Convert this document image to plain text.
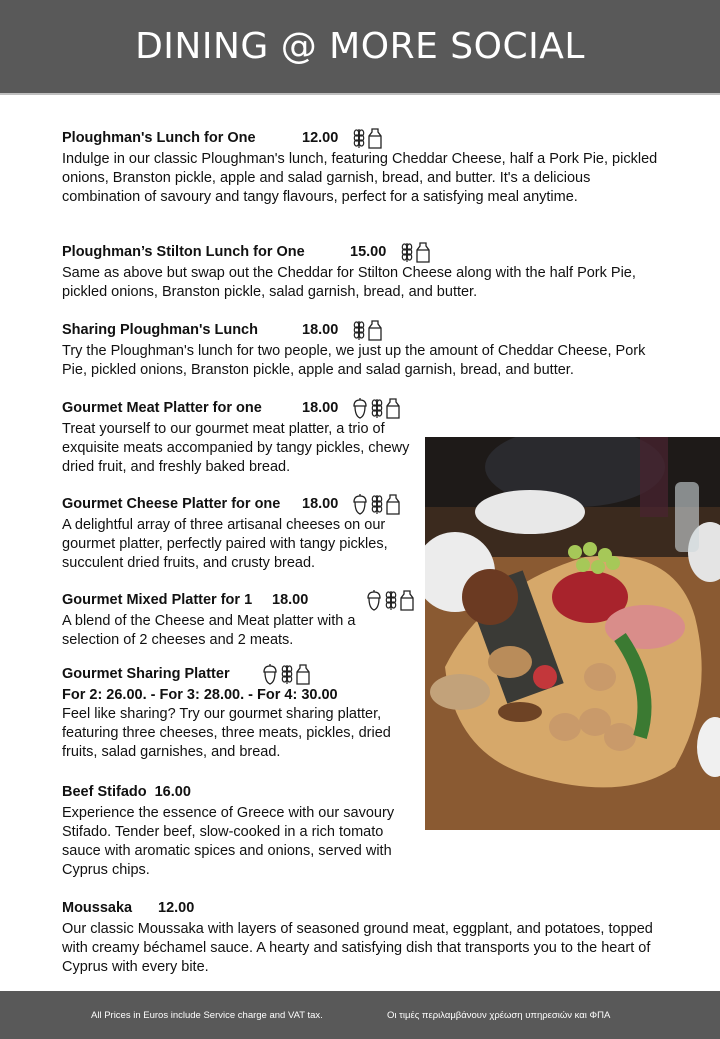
DINING @ MORE SOCIAL
Ploughman's Lunch for One	12.00

Indulge in our classic Ploughman's lunch, featuring Cheddar Cheese, half a Pork Pie, pickled onions, Branston pickle, apple and salad garnish, bread, and butter. It's a delicious combination of savoury and tangy flavours, perfect for a satisfying meal anytime.

Ploughman’s Stilton Lunch for One	15.00

Same as above but swap out the Cheddar for Stilton Cheese along with the half Pork Pie, pickled onions, Branston pickle, salad garnish, bread, and butter.

Sharing Ploughman's Lunch	18.00

Try the Ploughman's lunch for two people, we just up the amount of Cheddar Cheese, Pork Pie, pickled onions, Branston pickle, apple and salad garnish, bread, and butter.

Gourmet Meat Platter for one	18.00

Treat yourself to our gourmet meat platter, a trio of exquisite meats accompanied by tangy pickles, chewy dried fruit, and freshly baked bread.

Gourmet Cheese Platter for one	18.00

A delightful array of three artisanal cheeses on our gourmet platter, perfectly paired with tangy pickles, succulent dried fruits, and crusty bread.

Gourmet Mixed Platter for 1	18.00

A blend of the Cheese and Meat platter with a selection of 2 cheeses and 2 meats.

Gourmet Sharing Platter
For 2: 26.00. - For 3: 28.00. - For 4: 30.00

Feel like sharing? Try our gourmet sharing platter, featuring three cheeses, three meats, pickles, dried fruits, salad garnishes, and bread.

Beef Stifado 16.00

Experience the essence of Greece with our savoury Stifado. Tender beef, slow-cooked in a rich tomato sauce with aromatic spices and onions, served with Cyprus chips.

Moussaka	12.00

Our classic Moussaka with layers of seasoned ground meat, eggplant, and potatoes, topped with creamy béchamel sauce. A hearty and satisfying dish that transports you to the heart of Cyprus with every bite.

All Prices in Euros include Service charge and VAT tax.	Οι τιμές περιλαμβάνουν χρέωση υπηρεσιών και ΦΠΑ
